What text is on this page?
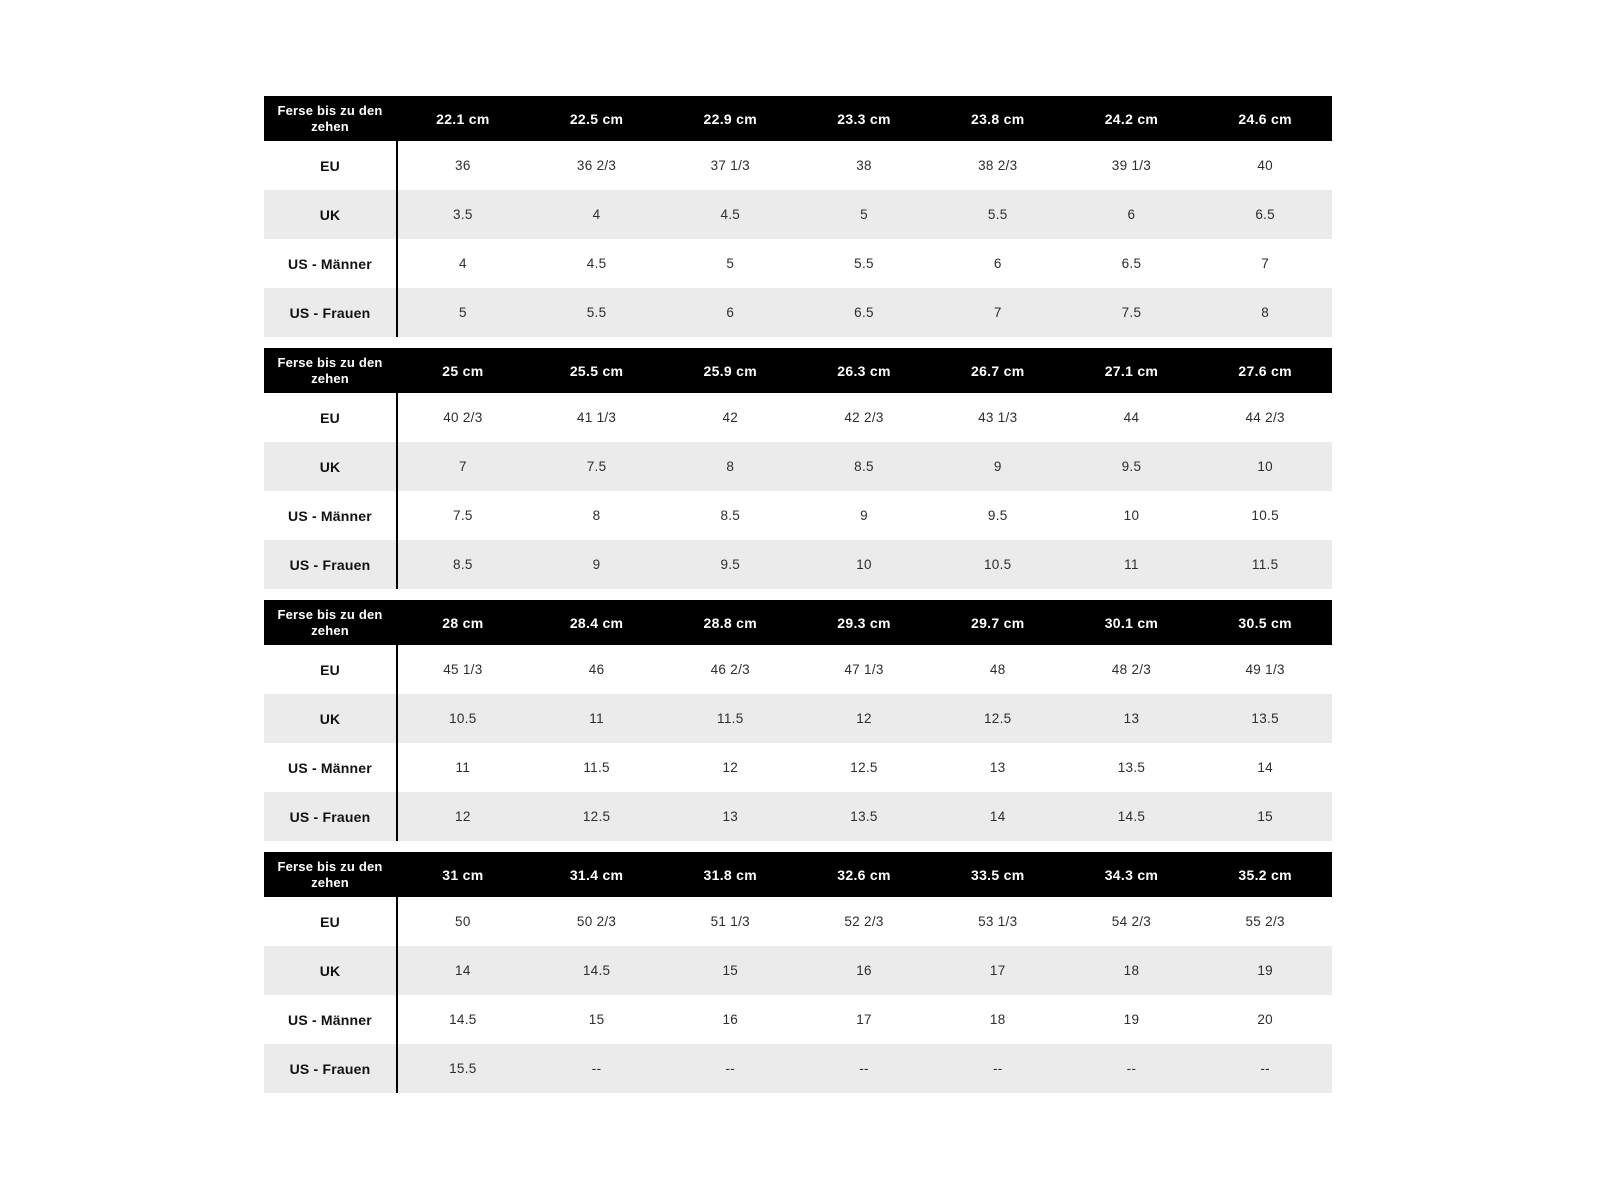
Ferse bis zu den zehen	22.1 cm	22.5 cm	22.9 cm	23.3 cm	23.8 cm	24.2 cm	24.6 cm
EU	36	36 2/3	37 1/3	38	38 2/3	39 1/3	40
UK	3.5	4	4.5	5	5.5	6	6.5
US - Männer	4	4.5	5	5.5	6	6.5	7
US - Frauen	5	5.5	6	6.5	7	7.5	8
Ferse bis zu den zehen	25 cm	25.5 cm	25.9 cm	26.3 cm	26.7 cm	27.1 cm	27.6 cm
EU	40 2/3	41 1/3	42	42 2/3	43 1/3	44	44 2/3
UK	7	7.5	8	8.5	9	9.5	10
US - Männer	7.5	8	8.5	9	9.5	10	10.5
US - Frauen	8.5	9	9.5	10	10.5	11	11.5
Ferse bis zu den zehen	28 cm	28.4 cm	28.8 cm	29.3 cm	29.7 cm	30.1 cm	30.5 cm
EU	45 1/3	46	46 2/3	47 1/3	48	48 2/3	49 1/3
UK	10.5	11	11.5	12	12.5	13	13.5
US - Männer	11	11.5	12	12.5	13	13.5	14
US - Frauen	12	12.5	13	13.5	14	14.5	15
Ferse bis zu den zehen	31 cm	31.4 cm	31.8 cm	32.6 cm	33.5 cm	34.3 cm	35.2 cm
EU	50	50 2/3	51 1/3	52 2/3	53 1/3	54 2/3	55 2/3
UK	14	14.5	15	16	17	18	19
US - Männer	14.5	15	16	17	18	19	20
US - Frauen	15.5	--	--	--	--	--	--
